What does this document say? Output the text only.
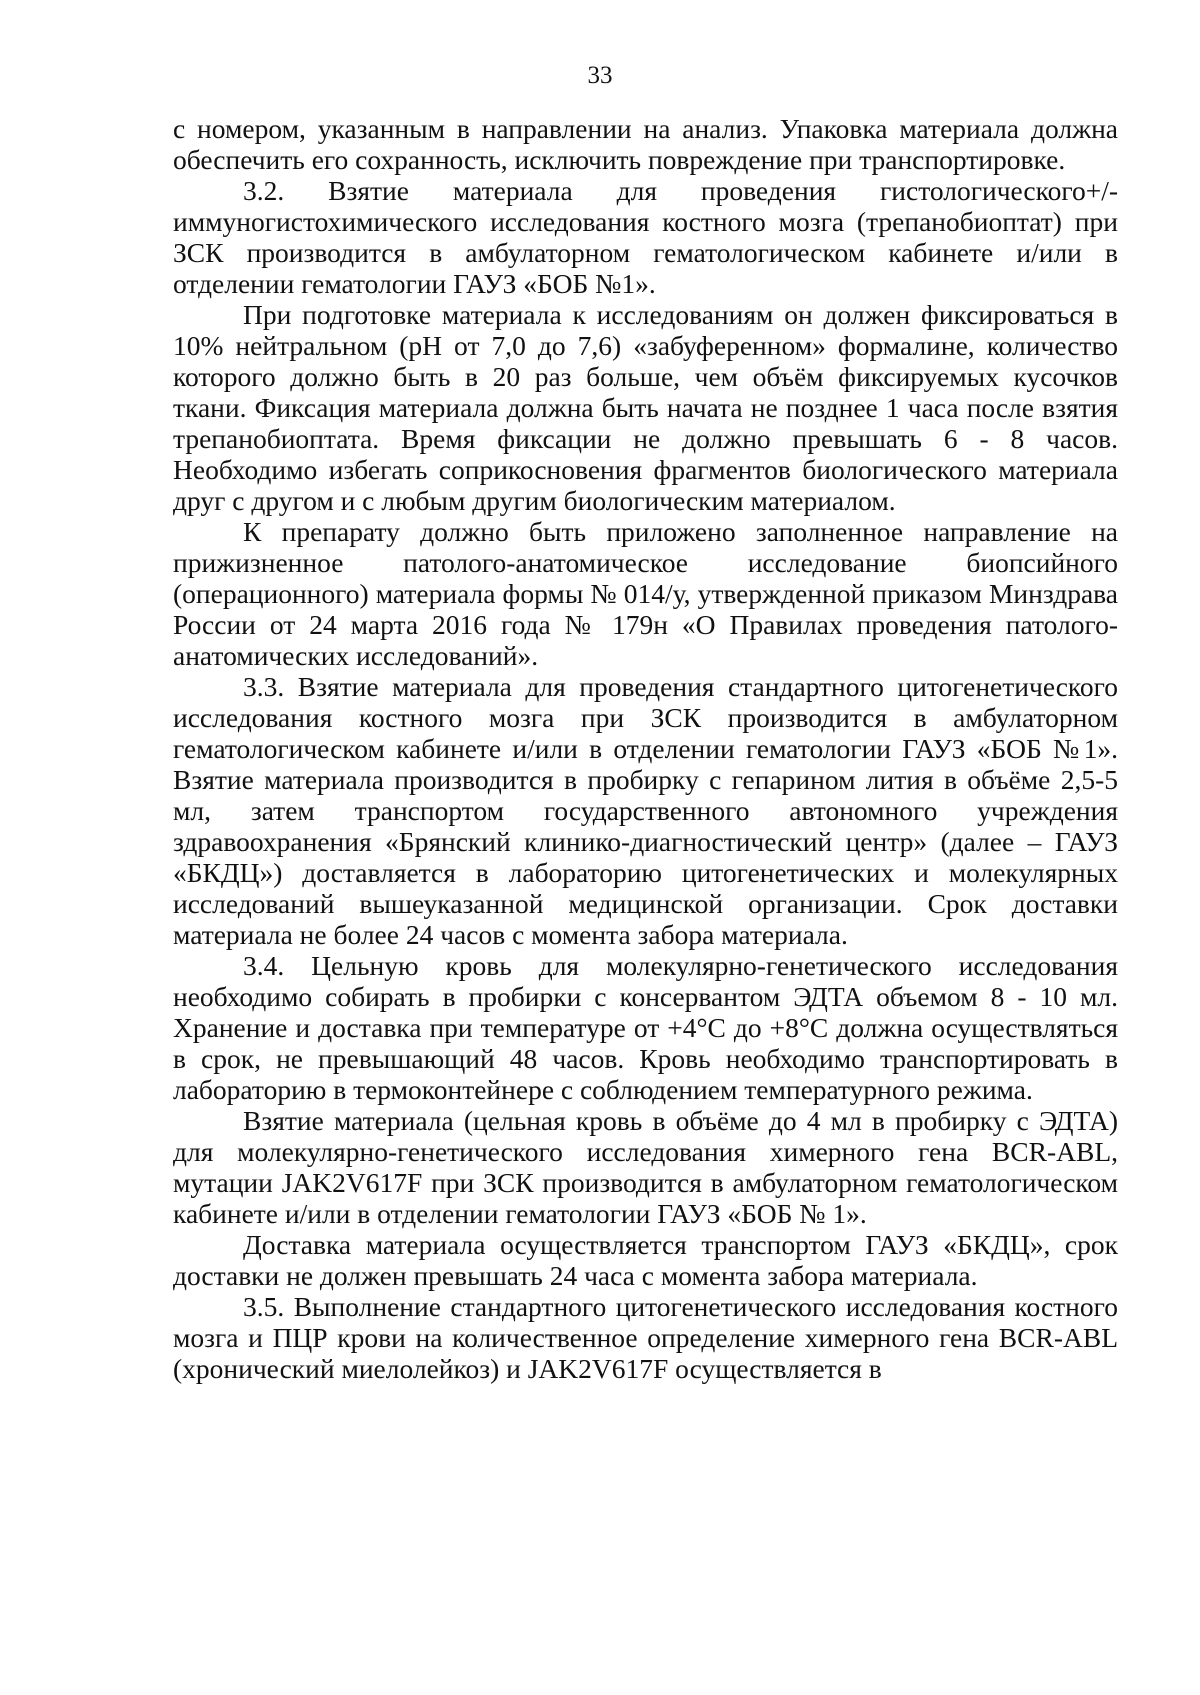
33

с номером, указанным в направлении на анализ. Упаковка материала должна обеспечить его сохранность, исключить повреждение при транспортировке.

3.2. Взятие материала для проведения гистологического+/- иммуногистохимического исследования костного мозга (трепанобиоптат) при ЗСК производится в амбулаторном гематологическом кабинете и/или в отделении гематологии ГАУЗ «БОБ №1».

При подготовке материала к исследованиям он должен фиксироваться в 10% нейтральном (pH от 7,0 до 7,6) «забуференном» формалине, количество которого должно быть в 20 раз больше, чем объём фиксируемых кусочков ткани. Фиксация материала должна быть начата не позднее 1 часа после взятия трепанобиоптата. Время фиксации не должно превышать 6 - 8 часов. Необходимо избегать соприкосновения фрагментов биологического материала друг с другом и с любым другим биологическим материалом.

К препарату должно быть приложено заполненное направление на прижизненное патолого-анатомическое исследование биопсийного (операционного) материала формы № 014/у, утвержденной приказом Минздрава России от 24 марта 2016 года № 179н «О Правилах проведения патолого-анатомических исследований».

3.3. Взятие материала для проведения стандартного цитогенетического исследования костного мозга при ЗСК производится в амбулаторном гематологическом кабинете и/или в отделении гематологии ГАУЗ «БОБ №1». Взятие материала производится в пробирку с гепарином лития в объёме 2,5-5 мл, затем транспортом государственного автономного учреждения здравоохранения «Брянский клинико-диагностический центр» (далее – ГАУЗ «БКДЦ») доставляется в лабораторию цитогенетических и молекулярных исследований вышеуказанной медицинской организации. Срок доставки материала не более 24 часов с момента забора материала.

3.4. Цельную кровь для молекулярно-генетического исследования необходимо собирать в пробирки с консервантом ЭДТА объемом 8 - 10 мл. Хранение и доставка при температуре от +4°С до +8°С должна осуществляться в срок, не превышающий 48 часов. Кровь необходимо транспортировать в лабораторию в термоконтейнере с соблюдением температурного режима.

Взятие материала (цельная кровь в объёме до 4 мл в пробирку с ЭДТА) для молекулярно-генетического исследования химерного гена BCR-ABL, мутации JAK2V617F при ЗСК производится в амбулаторном гематологическом кабинете и/или в отделении гематологии ГАУЗ «БОБ № 1».

Доставка материала осуществляется транспортом ГАУЗ «БКДЦ», срок доставки не должен превышать 24 часа с момента забора материала.

3.5. Выполнение стандартного цитогенетического исследования костного мозга и ПЦР крови на количественное определение химерного гена BCR-ABL (хронический миелолейкоз) и JAK2V617F осуществляется в
